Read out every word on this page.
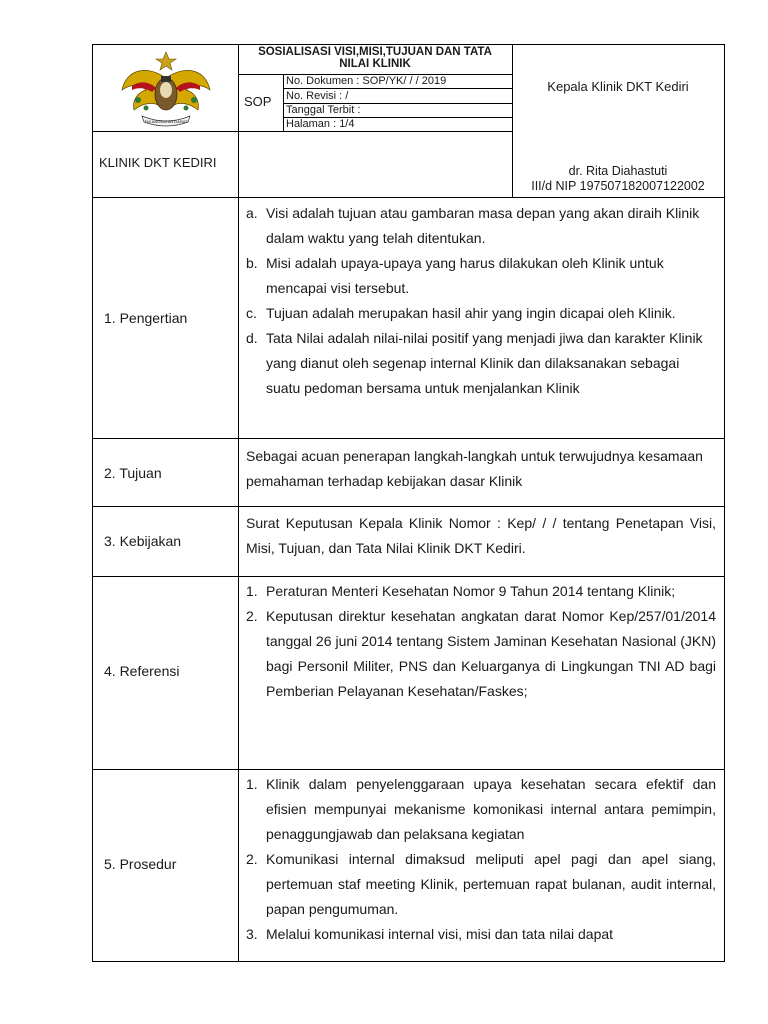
TNI ANGKATAN DARAT
SOSIALISASI VISI,MISI,TUJUAN DAN TATA NILAI KLINIK
SOP
No. Dokumen : SOP/YK/ / / 2019
No. Revisi : /
Tanggal Terbit :
Halaman : 1/4
KLINIK DKT KEDIRI
Kepala Klinik DKT Kediri
dr. Rita Diahastuti
III/d NIP 197507182007122002
1. Pengertian
2. Tujuan
3. Kebijakan
4. Referensi
5. Prosedur
a. Visi adalah tujuan atau gambaran masa depan yang akan diraih Klinik dalam waktu yang telah ditentukan.
b. Misi adalah upaya-upaya yang harus dilakukan oleh Klinik untuk mencapai visi tersebut.
c. Tujuan adalah merupakan hasil ahir yang ingin dicapai oleh Klinik.
d. Tata Nilai adalah nilai-nilai positif yang menjadi jiwa dan karakter Klinik yang dianut oleh segenap internal Klinik dan dilaksanakan sebagai suatu pedoman bersama untuk menjalankan Klinik
Sebagai acuan penerapan langkah-langkah untuk terwujudnya kesamaan pemahaman terhadap kebijakan dasar Klinik
Surat Keputusan Kepala Klinik Nomor : Kep/ / / tentang Penetapan Visi, Misi, Tujuan, dan Tata Nilai Klinik DKT Kediri.
1. Peraturan Menteri Kesehatan Nomor 9 Tahun 2014 tentang Klinik;
2. Keputusan direktur kesehatan angkatan darat Nomor Kep/257/01/2014 tanggal 26 juni 2014 tentang Sistem Jaminan Kesehatan Nasional (JKN) bagi Personil Militer, PNS dan Keluarganya di Lingkungan TNI AD bagi Pemberian Pelayanan Kesehatan/Faskes;
1. Klinik dalam penyelenggaraan upaya kesehatan secara efektif dan efisien mempunyai mekanisme komonikasi internal antara pemimpin, penaggungjawab dan pelaksana kegiatan
2. Komunikasi internal dimaksud meliputi apel pagi dan apel siang, pertemuan staf meeting Klinik, pertemuan rapat bulanan, audit internal, papan pengumuman.
3. Melalui komunikasi internal visi, misi dan tata nilai dapat
